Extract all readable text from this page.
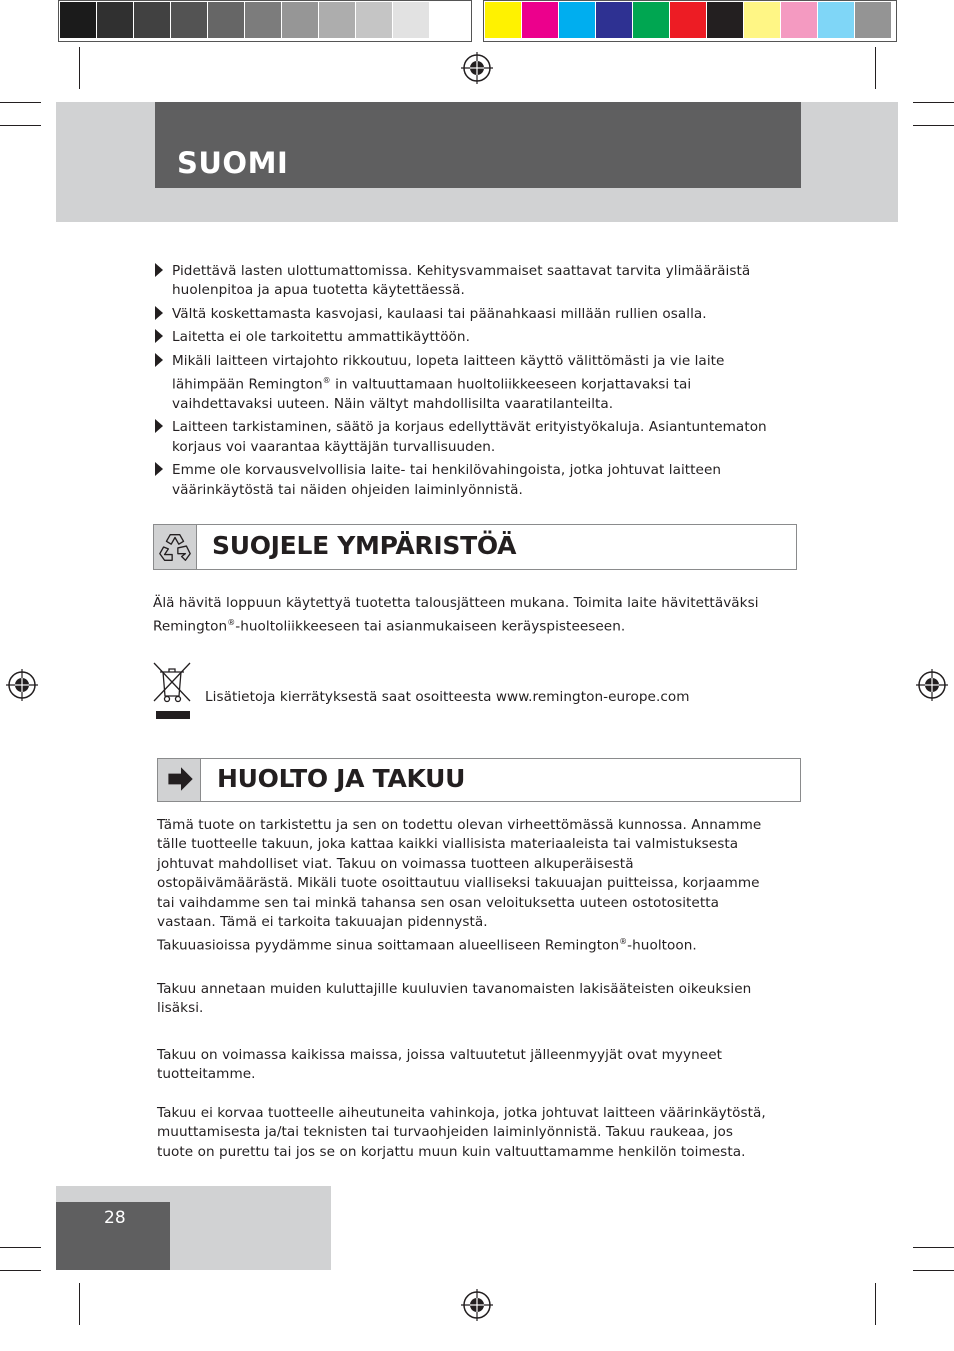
SUOMI
Pidettävä lasten ulottumattomissa. Kehitysvammaiset saattavat tarvita ylimääräistä huolenpitoa ja apua tuotetta käytettäessä.
Vältä koskettamasta kasvojasi, kaulaasi tai päänahkaasi millään rullien osalla.
Laitetta ei ole tarkoitettu ammattikäyttöön.
Mikäli laitteen virtajohto rikkoutuu, lopeta laitteen käyttö välittömästi ja vie laite lähimpään Remington® in valtuuttamaan huoltoliikkeeseen korjattavaksi tai vaihdettavaksi uuteen. Näin vältyt mahdollisilta vaaratilanteilta.
Laitteen tarkistaminen, säätö ja korjaus edellyttävät erityistyökaluja. Asiantuntematon korjaus voi vaarantaa käyttäjän turvallisuuden.
Emme ole korvausvelvollisia laite- tai henkilövahingoista, jotka johtuvat laitteen väärinkäytöstä tai näiden ohjeiden laiminlyönnistä.
SUOJELE YMPÄRISTÖÄ

Älä hävitä loppuun käytettyä tuotetta talousjätteen mukana. Toimita laite hävitettäväksi Remington®-huoltoliikkeeseen tai asianmukaiseen keräyspisteeseen.

Lisätietoja kierrätyksestä saat osoitteesta www.remington-europe.com
HUOLTO JA TAKUU

Tämä tuote on tarkistettu ja sen on todettu olevan virheettömässä kunnossa. Annamme tälle tuotteelle takuun, joka kattaa kaikki viallisista materiaaleista tai valmistuksesta johtuvat mahdolliset viat. Takuu on voimassa tuotteen alkuperäisestä ostopäivämäärästä. Mikäli tuote osoittautuu vialliseksi takuuajan puitteissa, korjaamme tai vaihdamme sen tai minkä tahansa sen osan veloituksetta uuteen ostotositetta vastaan. Tämä ei tarkoita takuuajan pidennystä.
Takuuasioissa pyydämme sinua soittamaan alueelliseen Remington®-huoltoon.

Takuu annetaan muiden kuluttajille kuuluvien tavanomaisten lakisääteisten oikeuksien lisäksi.

Takuu on voimassa kaikissa maissa, joissa valtuutetut jälleenmyyjät ovat myyneet tuotteitamme.

Takuu ei korvaa tuotteelle aiheutuneita vahinkoja, jotka johtuvat laitteen väärinkäytöstä, muuttamisesta ja/tai teknisten tai turvaohjeiden laiminlyönnistä. Takuu raukeaa, jos tuote on purettu tai jos se on korjattu muun kuin valtuuttamamme henkilön toimesta.

28
